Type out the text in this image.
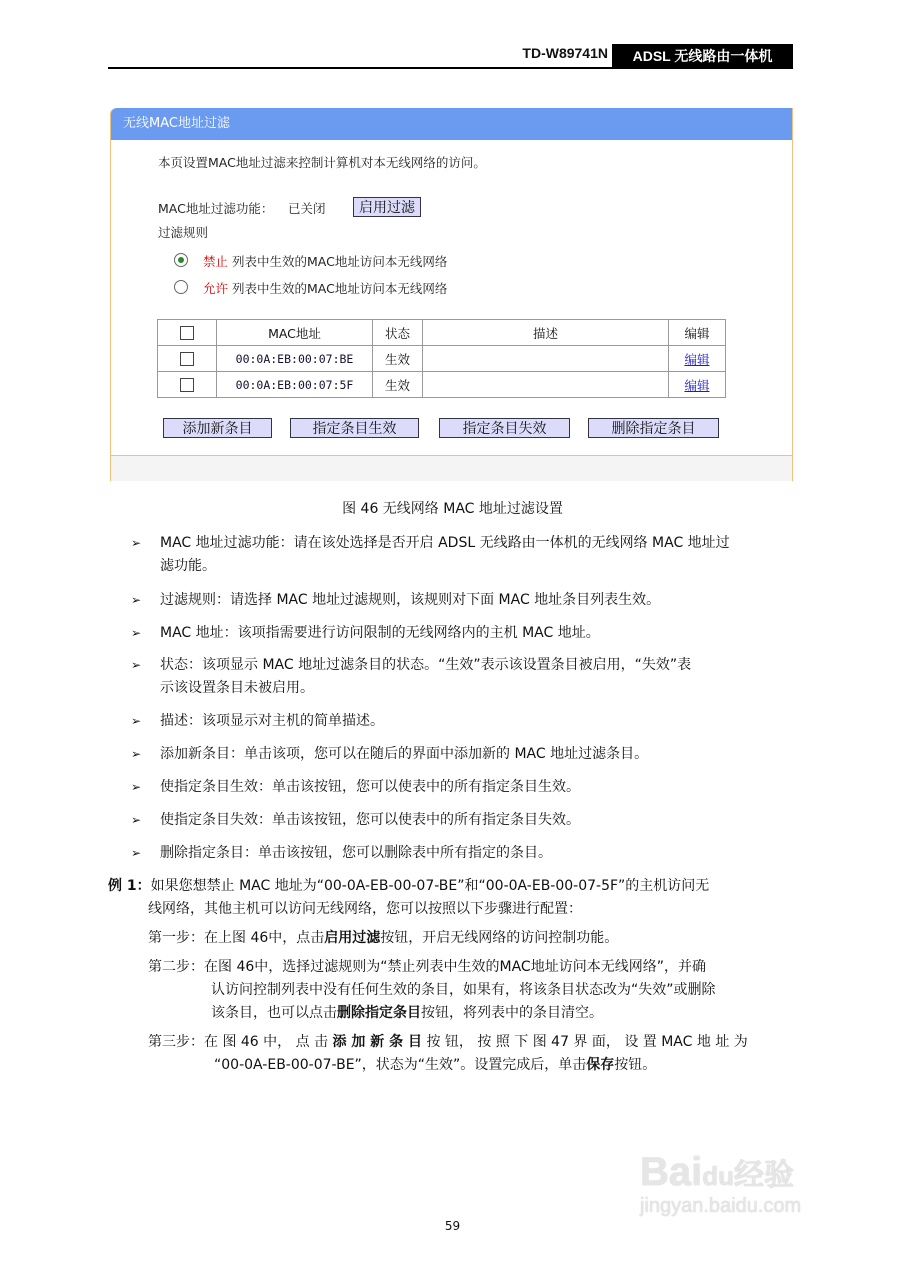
TD-W89741N	ADSL 无线路由一体机
无线MAC地址过滤
本页设置MAC地址过滤来控制计算机对本无线网络的访问。
MAC地址过滤功能： 已关闭	启用过滤
过滤规则
禁止 列表中生效的MAC地址访问本无线网络
允许 列表中生效的MAC地址访问本无线网络
	MAC地址	状态	描述	编辑
	00:0A:EB:00:07:BE	生效		编辑
	00:0A:EB:00:07:5F	生效		编辑
添加新条目	指定条目生效	指定条目失效	删除指定条目
图 46 无线网络 MAC 地址过滤设置
➢ MAC 地址过滤功能：请在该处选择是否开启 ADSL 无线路由一体机的无线网络 MAC 地址过
滤功能。
➢ 过滤规则：请选择 MAC 地址过滤规则，该规则对下面 MAC 地址条目列表生效。
➢ MAC 地址：该项指需要进行访问限制的无线网络内的主机 MAC 地址。
➢ 状态：该项显示 MAC 地址过滤条目的状态。“生效”表示该设置条目被启用，“失效”表
示该设置条目未被启用。
➢ 描述：该项显示对主机的简单描述。
➢ 添加新条目：单击该项，您可以在随后的界面中添加新的 MAC 地址过滤条目。
➢ 使指定条目生效：单击该按钮，您可以使表中的所有指定条目生效。
➢ 使指定条目失效：单击该按钮，您可以使表中的所有指定条目失效。
➢ 删除指定条目：单击该按钮，您可以删除表中所有指定的条目。
例 1：如果您想禁止 MAC 地址为“00-0A-EB-00-07-BE”和“00-0A-EB-00-07-5F”的主机访问无
线网络，其他主机可以访问无线网络，您可以按照以下步骤进行配置：
第一步：在上图 46中，点击启用过滤按钮，开启无线网络的访问控制功能。
第二步：在图 46中，选择过滤规则为“禁止列表中生效的MAC地址访问本无线网络”，并确
认访问控制列表中没有任何生效的条目，如果有，将该条目状态改为“失效”或删除
该条目，也可以点击删除指定条目按钮，将列表中的条目清空。
第三步：在 图 46 中， 点 击 添 加 新 条 目 按 钮， 按 照 下 图 47 界 面， 设 置 MAC 地 址 为
“00-0A-EB-00-07-BE”，状态为“生效”。设置完成后，单击保存按钮。
Baidu经验
jingyan.baidu.com
59
